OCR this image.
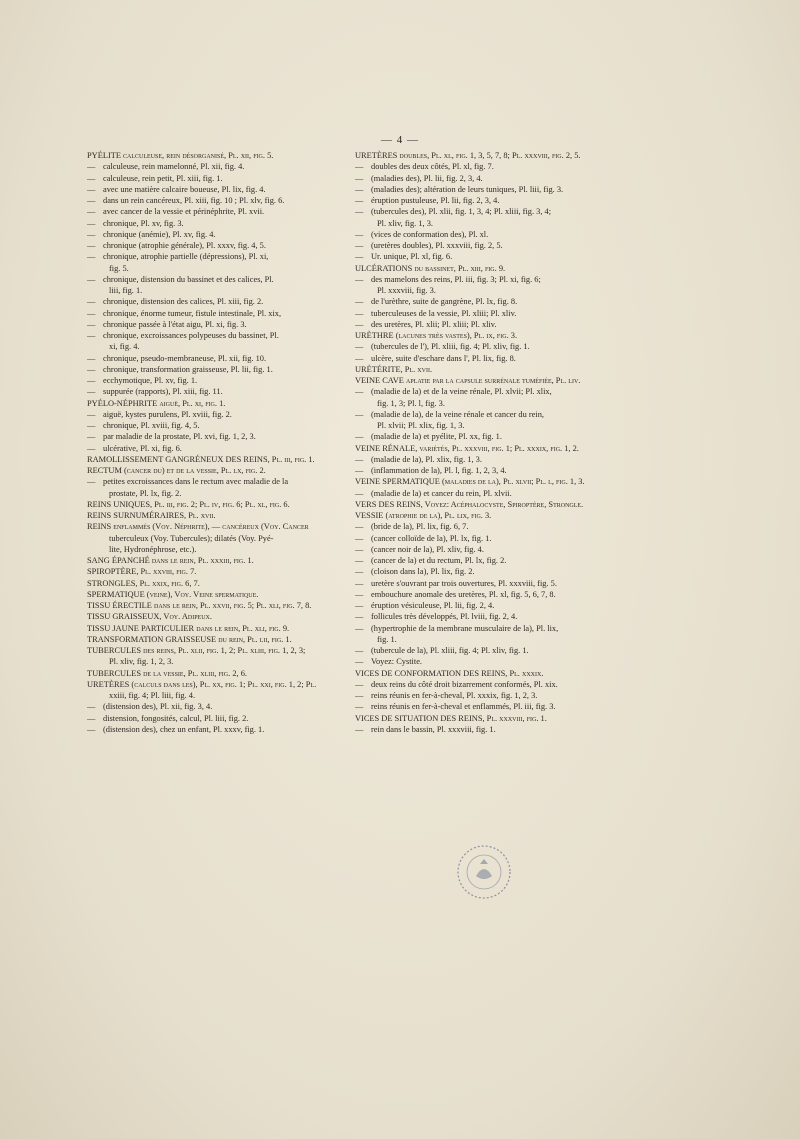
— 4 —
PYÉLITE calculeuse, rein désorganisé, Pl. xii, fig. 5.
— calculeuse, rein mamelonné, Pl. xii, fig. 4.
— calculeuse, rein petit, Pl. xiii, fig. 1.
— avec une matière calcaire boueuse, Pl. lix, fig. 4.
— dans un rein cancéreux, Pl. xiii, fig. 10 ; Pl. xlv, fig. 6.
— avec cancer de la vessie et périnéphrite, Pl. xvii.
— chronique, Pl. xv, fig. 3.
— chronique (anémie), Pl. xv, fig. 4.
— chronique (atrophie générale), Pl. xxxv, fig. 4, 5.
— chronique, atrophie partielle (dépressions), Pl. xi,
fig. 5.
— chronique, distension du bassinet et des calices, Pl.
liii, fig. 1.
— chronique, distension des calices, Pl. xiii, fig. 2.
— chronique, énorme tumeur, fistule intestinale, Pl. xix,
— chronique passée à l'état aigu, Pl. xi, fig. 3.
— chronique, excroissances polypeuses du bassinet, Pl.
xi, fig. 4.
— chronique, pseudo-membraneuse, Pl. xii, fig. 10.
— chronique, transformation graisseuse, Pl. lii, fig. 1.
— ecchymotique, Pl. xv, fig. 1.
— suppurée (rapports), Pl. xiii, fig. 11.
PYÉLO-NÉPHRITE aiguë, Pl. xi, fig. 1.
— aiguë, kystes purulens, Pl. xviii, fig. 2.
— chronique, Pl. xviii, fig. 4, 5.
— par maladie de la prostate, Pl. xvi, fig. 1, 2, 3.
— ulcérative, Pl. xi, fig. 6.
RAMOLLISSEMENT GANGRÉNEUX DES REINS, Pl. iii, fig. 1.
RECTUM (cancer du) et de la vessie, Pl. lx, fig. 2.
— petites excroissances dans le rectum avec maladie de la
prostate, Pl. lx, fig. 2.
REINS UNIQUES, Pl. iii, fig. 2; Pl. iv, fig. 6; Pl. xl, fig. 6.
REINS SURNUMÉRAIRES, Pl. xvii.
REINS enflammés (Voy. Néphrite), — cancéreux (Voy. Cancer
tuberculeux (Voy. Tubercules); dilatés (Voy. Pyé-
lite, Hydronéphrose, etc.).
SANG ÉPANCHÉ dans le rein, Pl. xxxiii, fig. 1.
SPIROPTÈRE, Pl. xxviii, fig. 7.
STRONGLES, Pl. xxix, fig. 6, 7.
SPERMATIQUE (veine), Voy. Veine spermatique.
TISSU ÉRECTILE dans le rein, Pl. xxvii, fig. 5; Pl. xli, fig. 7, 8.
TISSU GRAISSEUX, Voy. Adipeux.
TISSU JAUNE PARTICULIER dans le rein, Pl. xli, fig. 9.
TRANSFORMATION GRAISSEUSE du rein, Pl. lii, fig. 1.
TUBERCULES des reins, Pl. xlii, fig. 1, 2; Pl. xliii, fig. 1, 2, 3;
Pl. xliv, fig. 1, 2, 3.
TUBERCULES de la vessie, Pl. xliii, fig. 2, 6.
URETÈRES (calculs dans les), Pl. xx, fig. 1; Pl. xxi, fig. 1, 2; Pl.
xxiii, fig. 4; Pl. liii, fig. 4.
— (distension des), Pl. xii, fig. 3, 4.
— distension, fongosités, calcul, Pl. liii, fig. 2.
— (distension des), chez un enfant, Pl. xxxv, fig. 1.
URETÈRES doubles, Pl. xl, fig. 1, 3, 5, 7, 8; Pl. xxxviii, fig. 2, 5.
— doubles des deux côtés, Pl. xl, fig. 7.
— (maladies des), Pl. lii, fig. 2, 3, 4.
— (maladies des); altération de leurs tuniques, Pl. liii, fig. 3.
— éruption pustuleuse, Pl. lii, fig. 2, 3, 4.
— (tubercules des), Pl. xlii, fig. 1, 3, 4; Pl. xliii, fig. 3, 4;
Pl. xliv, fig. 1, 3.
— (vices de conformation des), Pl. xl.
— (uretères doubles), Pl. xxxviii, fig. 2, 5.
— Ur. unique, Pl. xl, fig. 6.
ULCÉRATIONS du bassinet, Pl. xiii, fig. 9.
— des mamelons des reins, Pl. iii, fig. 3; Pl. xi, fig. 6;
Pl. xxxviii, fig. 3.
— de l'urèthre, suite de gangrène, Pl. lx, fig. 8.
— tuberculeuses de la vessie, Pl. xliii; Pl. xliv.
— des uretères, Pl. xlii; Pl. xliii; Pl. xliv.
URÈTHRE (lacunes très vastes), Pl. ix, fig. 3.
— (tubercules de l'), Pl. xliii, fig. 4; Pl. xliv, fig. 1.
— ulcère, suite d'eschare dans l', Pl. lix, fig. 8.
URÉTÉRITE, Pl. xvii.
VEINE CAVE aplatie par la capsule surrénale tuméfiée, Pl. liv.
— (maladie de la) et de la veine rénale, Pl. xlvii; Pl. xlix,
fig. 1, 3; Pl. l, fig. 3.
— (maladie de la), de la veine rénale et cancer du rein,
Pl. xlvii; Pl. xlix, fig. 1, 3.
— (maladie de la) et pyélite, Pl. xx, fig. 1.
VEINE RÉNALE, variétés, Pl. xxxviii, fig. 1; Pl. xxxix, fig. 1, 2.
— (maladie de la), Pl. xlix, fig. 1, 3.
— (inflammation de la), Pl. l, fig. 1, 2, 3, 4.
VEINE SPERMATIQUE (maladies de la), Pl. xlvii; Pl. l, fig. 1, 3.
— (maladie de la) et cancer du rein, Pl. xlvii.
VERS DES REINS, Voyez: Acéphalocyste, Spiroptère, Strongle.
VESSIE (atrophie de la), Pl. lix, fig. 3.
— (bride de la), Pl. lix, fig. 6, 7.
— (cancer colloïde de la), Pl. lx, fig. 1.
— (cancer noir de la), Pl. xliv, fig. 4.
— (cancer de la) et du rectum, Pl. lx, fig. 2.
— (cloison dans la), Pl. lix, fig. 2.
— uretère s'ouvrant par trois ouvertures, Pl. xxxviii, fig. 5.
— embouchure anomale des uretères, Pl. xl, fig. 5, 6, 7, 8.
— éruption vésiculeuse, Pl. lii, fig. 2, 4.
— follicules très développés, Pl. lviii, fig. 2, 4.
— (hypertrophie de la membrane musculaire de la), Pl. lix,
fig. 1.
— (tubercule de la), Pl. xliii, fig. 4; Pl. xliv, fig. 1.
— Voyez: Cystite.
VICES DE CONFORMATION DES REINS, Pl. xxxix.
— deux reins du côté droit bizarrement conformés, Pl. xix.
— reins réunis en fer-à-cheval, Pl. xxxix, fig. 1, 2, 3.
— reins réunis en fer-à-cheval et enflammés, Pl. iii, fig. 3.
VICES DE SITUATION DES REINS, Pl. xxxviii, fig. 1.
— rein dans le bassin, Pl. xxxviii, fig. 1.
